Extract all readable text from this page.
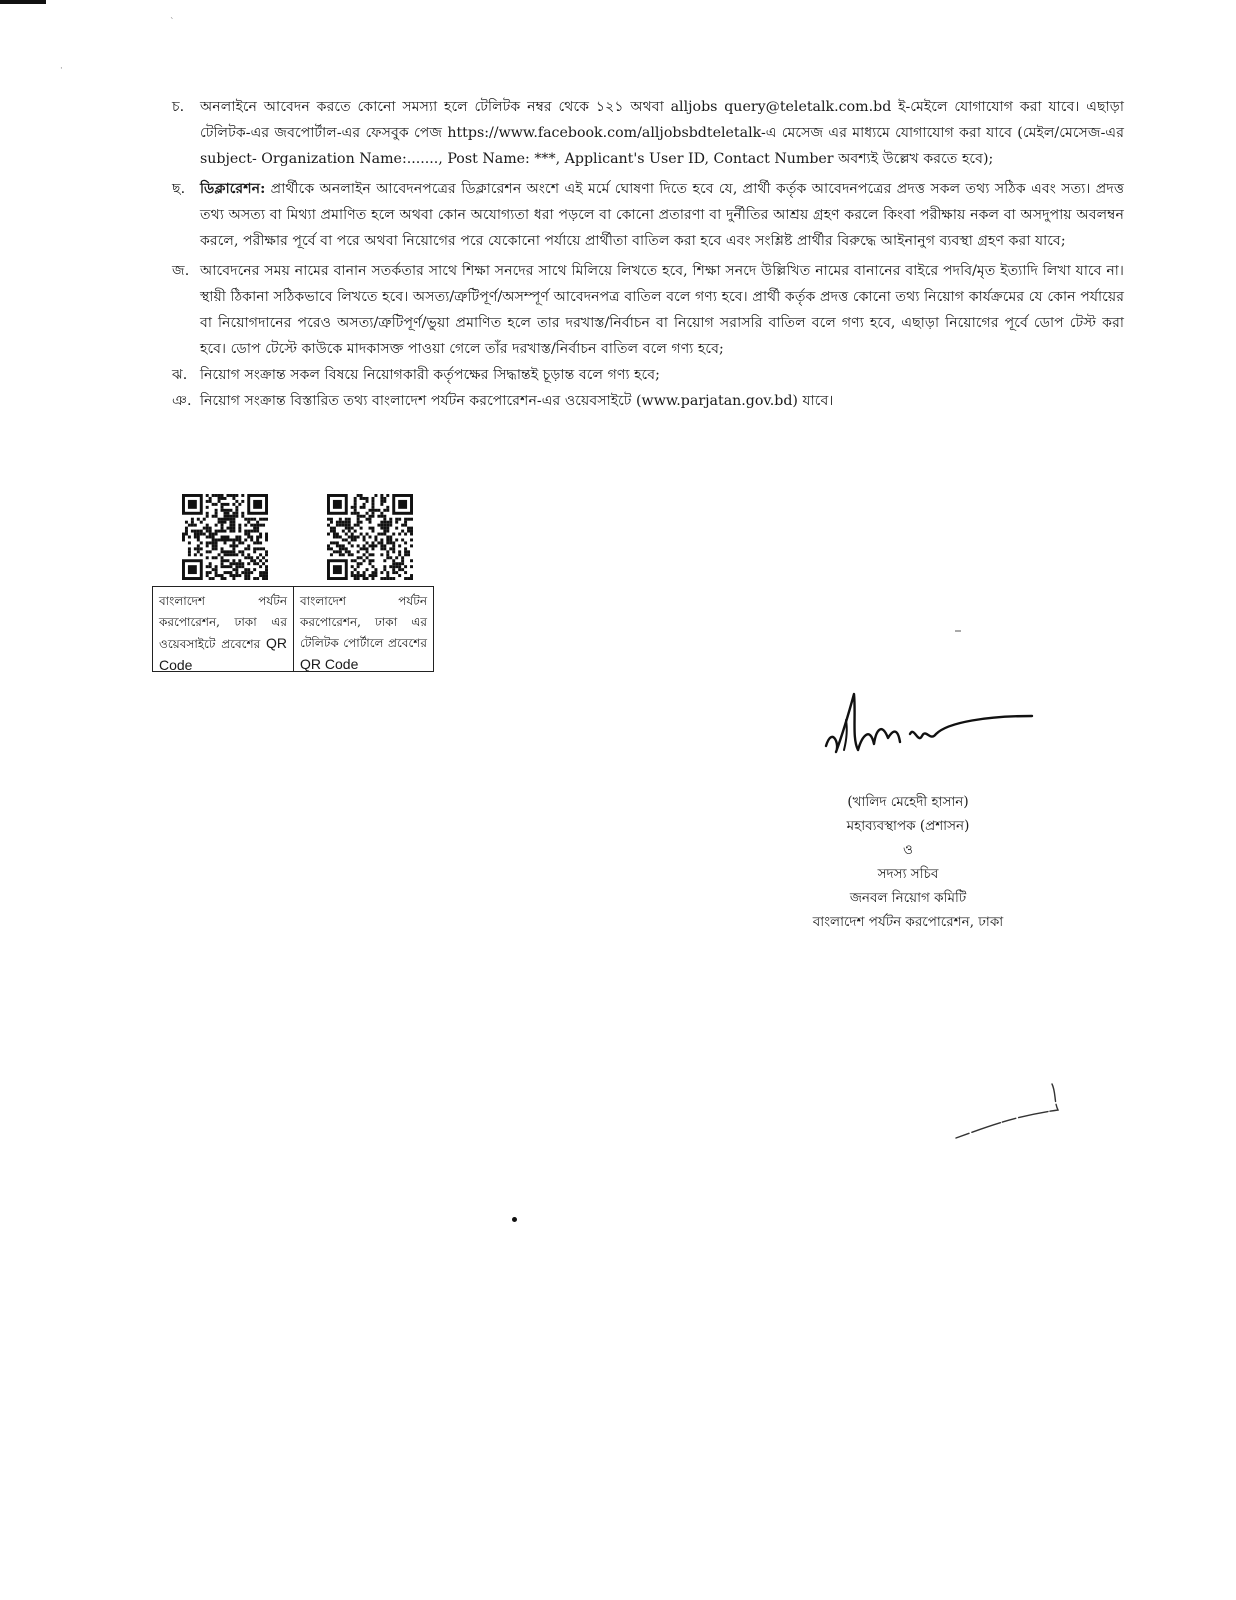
`
·
চ. অনলাইনে আবেদন করতে কোনো সমস্যা হলে টেলিটক নম্বর থেকে ১২১ অথবা alljobs query@teletalk.com.bd ই-মেইলে যোগাযোগ করা যাবে। এছাড়া টেলিটক-এর জবপোর্টাল-এর ফেসবুক পেজ https://www.facebook.com/alljobsbdteletalk-এ মেসেজ এর মাধ্যমে যোগাযোগ করা যাবে (মেইল/মেসেজ-এর subject- Organization Name:......., Post Name: ***, Applicant's User ID, Contact Number অবশ্যই উল্লেখ করতে হবে);
ছ. ডিক্লারেশন: প্রার্থীকে অনলাইন আবেদনপত্রের ডিক্লারেশন অংশে এই মর্মে ঘোষণা দিতে হবে যে, প্রার্থী কর্তৃক আবেদনপত্রের প্রদত্ত সকল তথ্য সঠিক এবং সত্য। প্রদত্ত তথ্য অসত্য বা মিথ্যা প্রমাণিত হলে অথবা কোন অযোগ্যতা ধরা পড়লে বা কোনো প্রতারণা বা দুর্নীতির আশ্রয় গ্রহণ করলে কিংবা পরীক্ষায় নকল বা অসদুপায় অবলম্বন করলে, পরীক্ষার পূর্বে বা পরে অথবা নিয়োগের পরে যেকোনো পর্যায়ে প্রার্থীতা বাতিল করা হবে এবং সংশ্লিষ্ট প্রার্থীর বিরুদ্ধে আইনানুগ ব্যবস্থা গ্রহণ করা যাবে;
জ. আবেদনের সময় নামের বানান সতর্কতার সাথে শিক্ষা সনদের সাথে মিলিয়ে লিখতে হবে, শিক্ষা সনদে উল্লিখিত নামের বানানের বাইরে পদবি/মৃত ইত্যাদি লিখা যাবে না। স্থায়ী ঠিকানা সঠিকভাবে লিখতে হবে। অসত্য/ত্রুটিপূর্ণ/অসম্পূর্ণ আবেদনপত্র বাতিল বলে গণ্য হবে। প্রার্থী কর্তৃক প্রদত্ত কোনো তথ্য নিয়োগ কার্যক্রমের যে কোন পর্যায়ের বা নিয়োগদানের পরেও অসত্য/ত্রুটিপূর্ণ/ভুয়া প্রমাণিত হলে তার দরখাস্ত/নির্বাচন বা নিয়োগ সরাসরি বাতিল বলে গণ্য হবে, এছাড়া নিয়োগের পূর্বে ডোপ টেস্ট করা হবে। ডোপ টেস্টে কাউকে মাদকাসক্ত পাওয়া গেলে তাঁর দরখাস্ত/নির্বাচন বাতিল বলে গণ্য হবে;
ঝ. নিয়োগ সংক্রান্ত সকল বিষয়ে নিয়োগকারী কর্তৃপক্ষের সিদ্ধান্তই চূড়ান্ত বলে গণ্য হবে;
ঞ. নিয়োগ সংক্রান্ত বিস্তারিত তথ্য বাংলাদেশ পর্যটন করপোরেশন-এর ওয়েবসাইটে (www.parjatan.gov.bd) যাবে।
বাংলাদেশ পর্যটন করপোরেশন, ঢাকা এর ওয়েবসাইটে প্রবেশের QR Code
বাংলাদেশ পর্যটন করপোরেশন, ঢাকা এর টেলিটক পোর্টালে প্রবেশের QR Code
(খালিদ মেহেদী হাসান)
মহাব্যবস্থাপক (প্রশাসন)
ও
সদস্য সচিব
জনবল নিয়োগ কমিটি
বাংলাদেশ পর্যটন করপোরেশন, ঢাকা
